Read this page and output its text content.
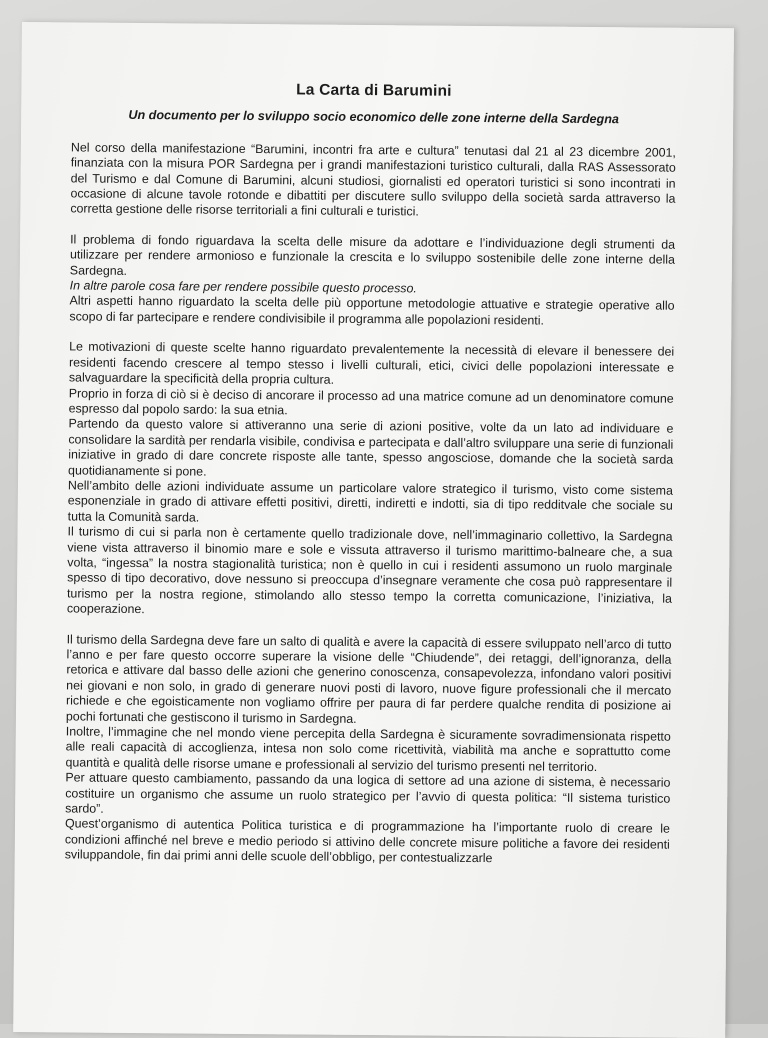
La Carta di Barumini
Un documento per lo sviluppo socio economico delle zone interne della Sardegna

Nel corso della manifestazione “Barumini, incontri fra arte e cultura” tenutasi dal 21 al 23 dicembre 2001, finanziata con la misura POR Sardegna per i grandi manifestazioni turistico culturali, dalla RAS Assessorato del Turismo e dal Comune di Barumini, alcuni studiosi, giornalisti ed operatori turistici si sono incontrati in occasione di alcune tavole rotonde e dibattiti per discutere sullo sviluppo della società sarda attraverso la corretta gestione delle risorse territoriali a fini culturali e turistici.

Il problema di fondo riguardava la scelta delle misure da adottare e l’individuazione degli strumenti da utilizzare per rendere armonioso e funzionale la crescita e lo sviluppo sostenibile delle zone interne della Sardegna.

In altre parole cosa fare per rendere possibile questo processo.

Altri aspetti hanno riguardato la scelta delle più opportune metodologie attuative e strategie operative allo scopo di far partecipare e rendere condivisibile il programma alle popolazioni residenti.

Le motivazioni di queste scelte hanno riguardato prevalentemente la necessità di elevare il benessere dei residenti facendo crescere al tempo stesso i livelli culturali, etici, civici delle popolazioni interessate e salvaguardare la specificità della propria cultura.

Proprio in forza di ciò si è deciso di ancorare il processo ad una matrice comune ad un denominatore comune espresso dal popolo sardo: la sua etnia.

Partendo da questo valore si attiveranno una serie di azioni positive, volte da un lato ad individuare e consolidare la sardità per rendarla visibile, condivisa e partecipata e dall’altro sviluppare una serie di funzionali iniziative in grado di dare concrete risposte alle tante, spesso angosciose, domande che la società sarda quotidianamente si pone.

Nell’ambito delle azioni individuate assume un particolare valore strategico il turismo, visto come sistema esponenziale in grado di attivare effetti positivi, diretti, indiretti e indotti, sia di tipo redditvale che sociale su tutta la Comunità sarda.

Il turismo di cui si parla non è certamente quello tradizionale dove, nell’immaginario collettivo, la Sardegna viene vista attraverso il binomio mare e sole e vissuta attraverso il turismo marittimo-balneare che, a sua volta, “ingessa” la nostra stagionalità turistica; non è quello in cui i residenti assumono un ruolo marginale spesso di tipo decorativo, dove nessuno si preoccupa d’insegnare veramente che cosa può rappresentare il turismo per la nostra regione, stimolando allo stesso tempo la corretta comunicazione, l’iniziativa, la cooperazione.

Il turismo della Sardegna deve fare un salto di qualità e avere la capacità di essere sviluppato nell’arco di tutto l’anno e per fare questo occorre superare la visione delle “Chiudende”, dei retaggi, dell’ignoranza, della retorica e attivare dal basso delle azioni che generino conoscenza, consapevolezza, infondano valori positivi nei giovani e non solo, in grado di generare nuovi posti di lavoro, nuove figure professionali che il mercato richiede e che egoisticamente non vogliamo offrire per paura di far perdere qualche rendita di posizione ai pochi fortunati che gestiscono il turismo in Sardegna.

Inoltre, l’immagine che nel mondo viene percepita della Sardegna è sicuramente sovradimensionata rispetto alle reali capacità di accoglienza, intesa non solo come ricettività, viabilità ma anche e soprattutto come quantità e qualità delle risorse umane e professionali al servizio del turismo presenti nel territorio.

Per attuare questo cambiamento, passando da una logica di settore ad una azione di sistema, è necessario costituire un organismo che assume un ruolo strategico per l’avvio di questa politica: “Il sistema turistico sardo”.

Quest’organismo di autentica Politica turistica e di programmazione ha l’importante ruolo di creare le condizioni affinché nel breve e medio periodo si attivino delle concrete misure politiche a favore dei residenti sviluppandole, fin dai primi anni delle scuole dell’obbligo, per contestualizzarle
